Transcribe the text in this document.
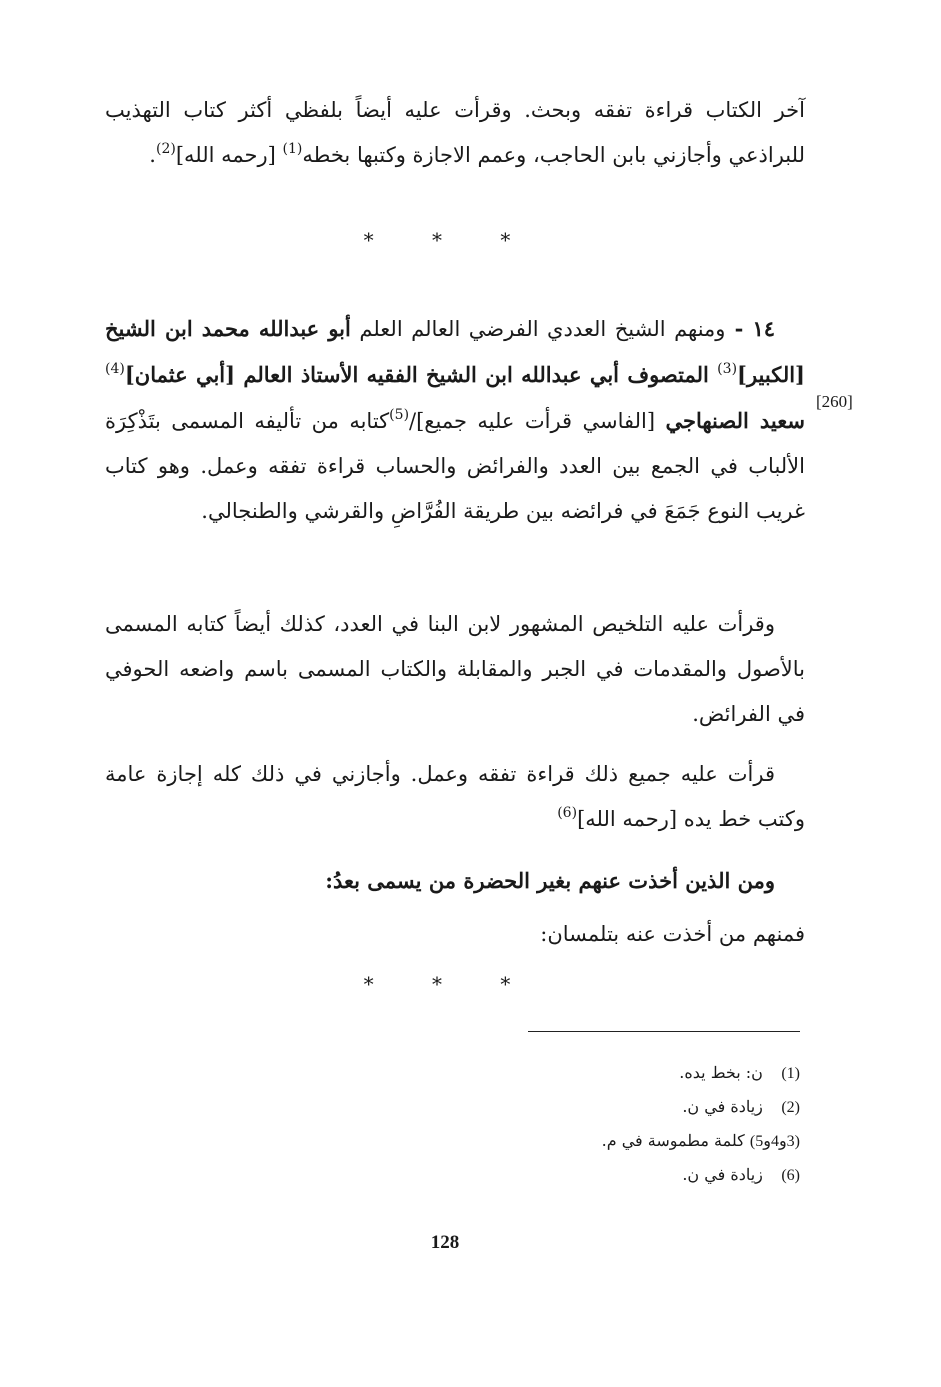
آخر الكتاب قراءة تفقه وبحث. وقرأت عليه أيضاً بلفظي أكثر كتاب التهذيب للبراذعي وأجازني بابن الحاجب، وعمم الاجازة وكتبها بخطه$^{(1)}$ [رحمه الله]$^{(2)}$.
* * *
١٤ - ومنهم الشيخ العددي الفرضي العالم العلم أبو عبدالله محمد ابن الشيخ [الكبير]$^{(3)}$ المتصوف أبي عبدالله ابن الشيخ الفقيه الأستاذ العالم [أبي عثمان]$^{(4)}$ سعيد الصنهاجي [الفاسي قرأت عليه جميع]/$^{(5)}$كتابه من تأليفه المسمى بتَذْكِرَة الألباب في الجمع بين العدد والفرائض والحساب قراءة تفقه وعمل. وهو كتاب غريب النوع جَمَعَ في فرائضه بين طريقة الفُرَّاضِ والقرشي والطنجالي.
[260]
وقرأت عليه التلخيص المشهور لابن البنا في العدد، كذلك أيضاً كتابه المسمى بالأصول والمقدمات في الجبر والمقابلة والكتاب المسمى باسم واضعه الحوفي في الفرائض.
قرأت عليه جميع ذلك قراءة تفقه وعمل. وأجازني في ذلك كله إجازة عامة وكتب خط يده [رحمه الله]$^{(6)}$
ومن الذين أخذت عنهم بغير الحضرة من يسمى بعدُ:
فمنهم من أخذت عنه بتلمسان:
* * *
(1) ن: بخط يده.
(2) زيادة في ن.
(3و4و5) كلمة مطموسة في م.
(6) زيادة في ن.
128
